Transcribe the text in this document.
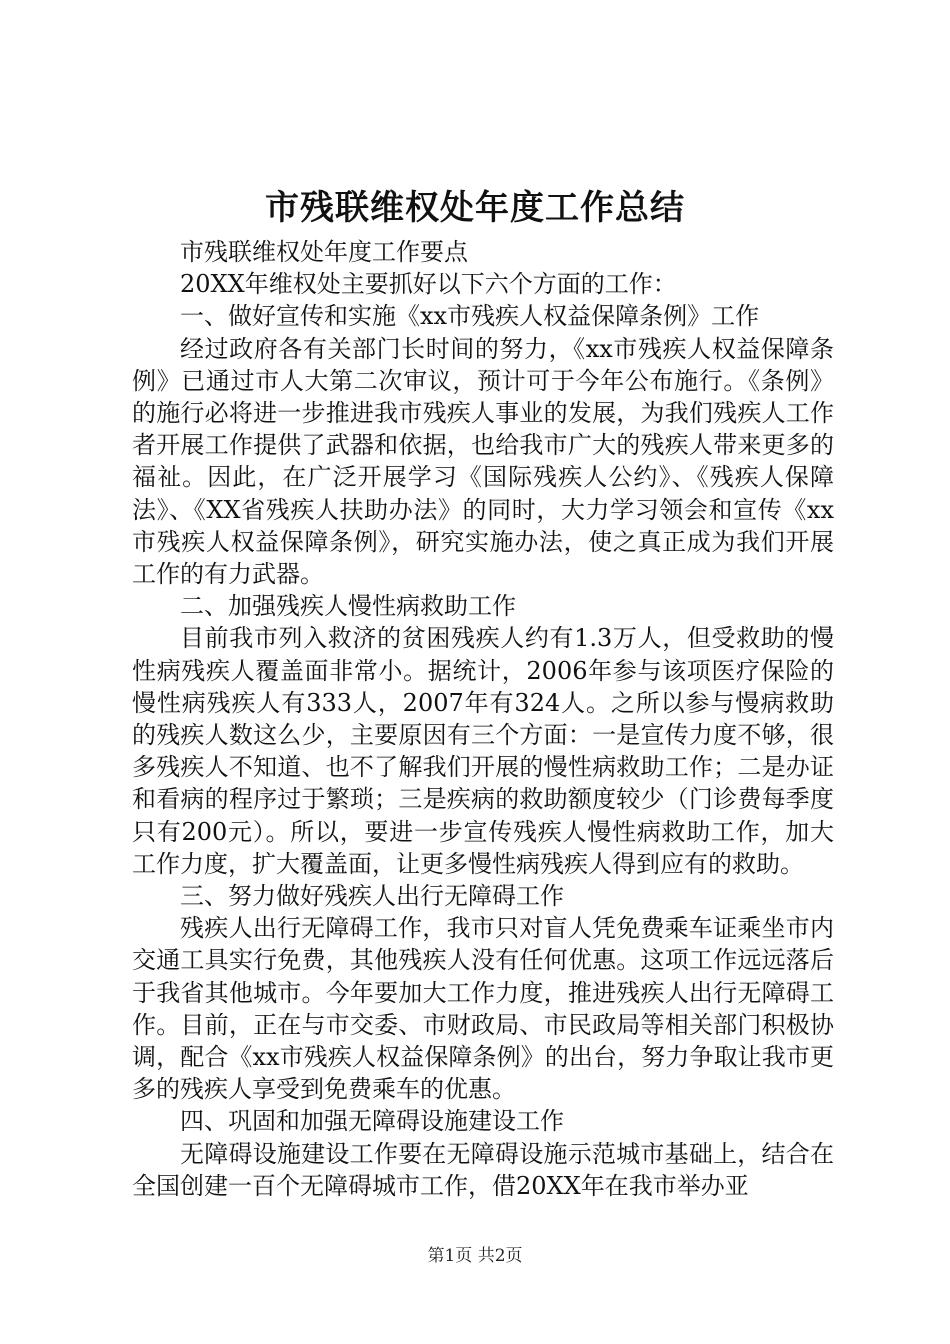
市残联维权处年度工作总结

市残联维权处年度工作要点

20XX年维权处主要抓好以下六个方面的工作：

一、做好宣传和实施《xx市残疾人权益保障条例》工作

经过政府各有关部门长时间的努力，《xx市残疾人权益保障条例》已通过市人大第二次审议，预计可于今年公布施行。《条例》的施行必将进一步推进我市残疾人事业的发展，为我们残疾人工作者开展工作提供了武器和依据，也给我市广大的残疾人带来更多的福祉。因此，在广泛开展学习《国际残疾人公约》、《残疾人保障法》、《XX省残疾人扶助办法》的同时，大力学习领会和宣传《xx市残疾人权益保障条例》，研究实施办法，使之真正成为我们开展工作的有力武器。

二、加强残疾人慢性病救助工作

目前我市列入救济的贫困残疾人约有1.3万人，但受救助的慢性病残疾人覆盖面非常小。据统计，2006年参与该项医疗保险的慢性病残疾人有333人，2007年有324人。之所以参与慢病救助的残疾人数这么少，主要原因有三个方面：一是宣传力度不够，很多残疾人不知道、也不了解我们开展的慢性病救助工作；二是办证和看病的程序过于繁琐；三是疾病的救助额度较少（门诊费每季度只有200元）。所以，要进一步宣传残疾人慢性病救助工作，加大工作力度，扩大覆盖面，让更多慢性病残疾人得到应有的救助。

三、努力做好残疾人出行无障碍工作

残疾人出行无障碍工作，我市只对盲人凭免费乘车证乘坐市内交通工具实行免费，其他残疾人没有任何优惠。这项工作远远落后于我省其他城市。今年要加大工作力度，推进残疾人出行无障碍工作。目前，正在与市交委、市财政局、市民政局等相关部门积极协调，配合《xx市残疾人权益保障条例》的出台，努力争取让我市更多的残疾人享受到免费乘车的优惠。

四、巩固和加强无障碍设施建设工作

无障碍设施建设工作要在无障碍设施示范城市基础上，结合在全国创建一百个无障碍城市工作，借20XX年在我市举办亚

第1页 共2页
